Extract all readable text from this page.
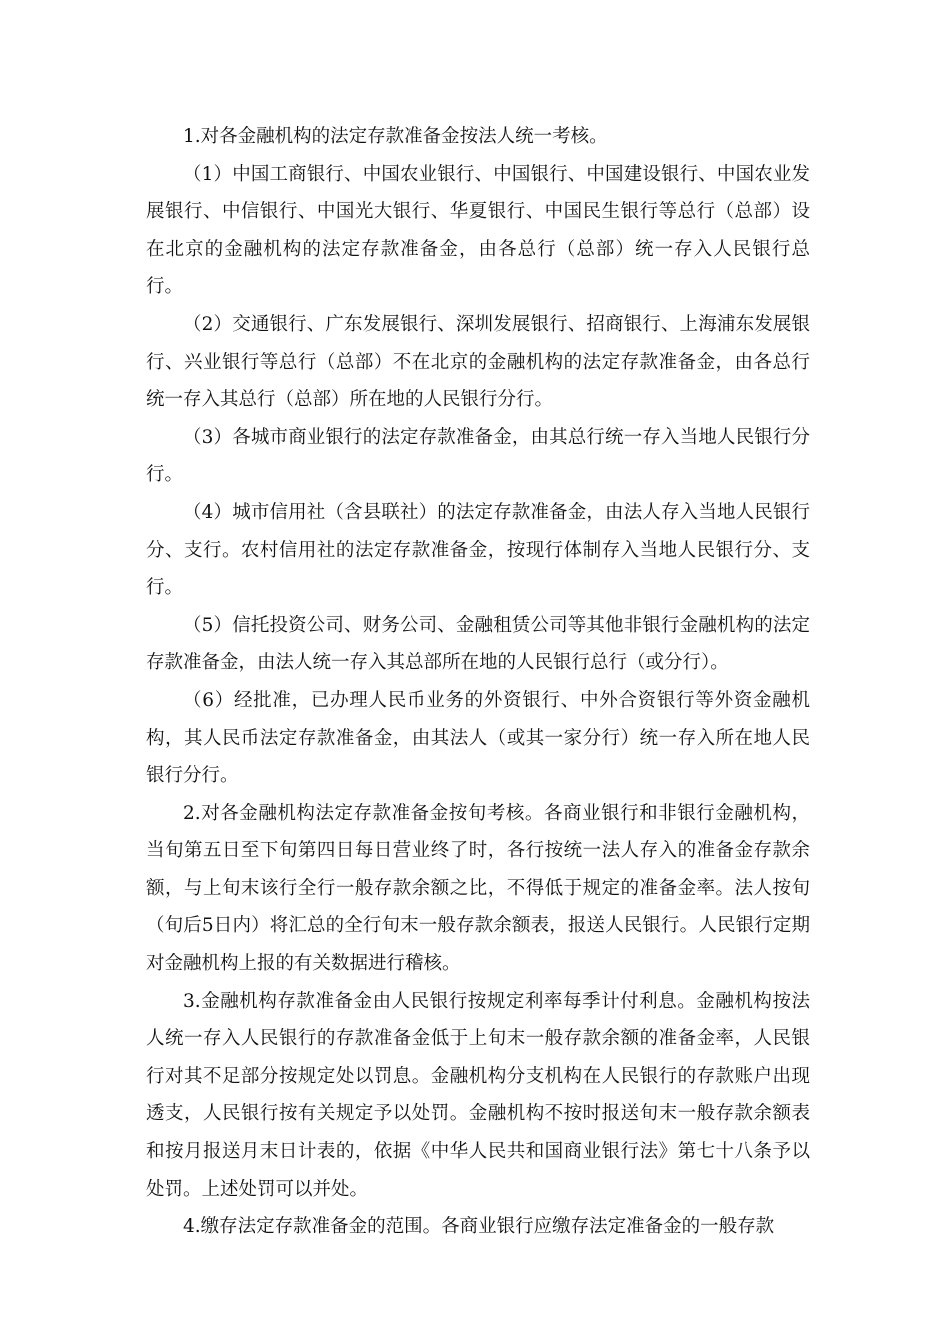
1.对各金融机构的法定存款准备金按法人统一考核。

（1）中国工商银行、中国农业银行、中国银行、中国建设银行、中国农业发展银行、中信银行、中国光大银行、华夏银行、中国民生银行等总行（总部）设在北京的金融机构的法定存款准备金，由各总行（总部）统一存入人民银行总行。

（2）交通银行、广东发展银行、深圳发展银行、招商银行、上海浦东发展银行、兴业银行等总行（总部）不在北京的金融机构的法定存款准备金，由各总行统一存入其总行（总部）所在地的人民银行分行。

（3）各城市商业银行的法定存款准备金，由其总行统一存入当地人民银行分行。

（4）城市信用社（含县联社）的法定存款准备金，由法人存入当地人民银行分、支行。农村信用社的法定存款准备金，按现行体制存入当地人民银行分、支行。

（5）信托投资公司、财务公司、金融租赁公司等其他非银行金融机构的法定存款准备金，由法人统一存入其总部所在地的人民银行总行（或分行）。

（6）经批准，已办理人民币业务的外资银行、中外合资银行等外资金融机构，其人民币法定存款准备金，由其法人（或其一家分行）统一存入所在地人民银行分行。

2.对各金融机构法定存款准备金按旬考核。各商业银行和非银行金融机构，当旬第五日至下旬第四日每日营业终了时，各行按统一法人存入的准备金存款余额，与上旬末该行全行一般存款余额之比，不得低于规定的准备金率。法人按旬（旬后5日内）将汇总的全行旬末一般存款余额表，报送人民银行。人民银行定期对金融机构上报的有关数据进行稽核。

3.金融机构存款准备金由人民银行按规定利率每季计付利息。金融机构按法人统一存入人民银行的存款准备金低于上旬末一般存款余额的准备金率，人民银行对其不足部分按规定处以罚息。金融机构分支机构在人民银行的存款账户出现透支，人民银行按有关规定予以处罚。金融机构不按时报送旬末一般存款余额表和按月报送月末日计表的，依据《中华人民共和国商业银行法》第七十八条予以处罚。上述处罚可以并处。

4.缴存法定存款准备金的范围。各商业银行应缴存法定准备金的一般存款
